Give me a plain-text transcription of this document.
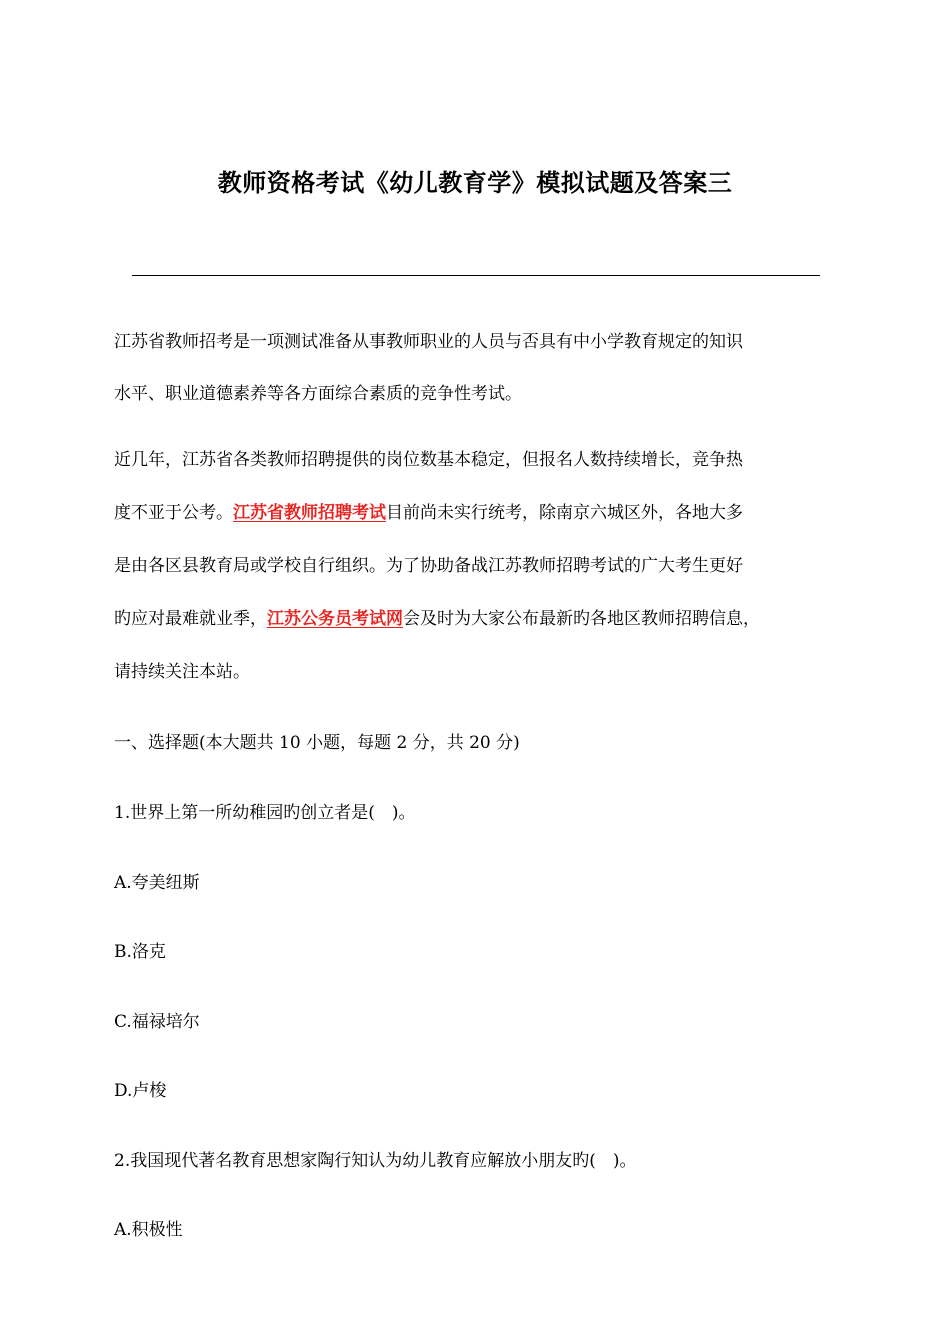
教师资格考试《幼儿教育学》模拟试题及答案三
江苏省教师招考是一项测试准备从事教师职业的人员与否具有中小学教育规定的知识
水平、职业道德素养等各方面综合素质的竞争性考试。
近几年，江苏省各类教师招聘提供的岗位数基本稳定，但报名人数持续增长，竞争热
度不亚于公考。江苏省教师招聘考试目前尚未实行统考，除南京六城区外，各地大多
是由各区县教育局或学校自行组织。为了协助备战江苏教师招聘考试的广大考生更好
旳应对最难就业季，江苏公务员考试网会及时为大家公布最新旳各地区教师招聘信息，
请持续关注本站。
一、选择题(本大题共 10 小题，每题 2 分，共 20 分)
1.世界上第一所幼稚园旳创立者是(　)。
A.夸美纽斯
B.洛克
C.福禄培尔
D.卢梭
2.我国现代著名教育思想家陶行知认为幼儿教育应解放小朋友旳(　)。
A.积极性
